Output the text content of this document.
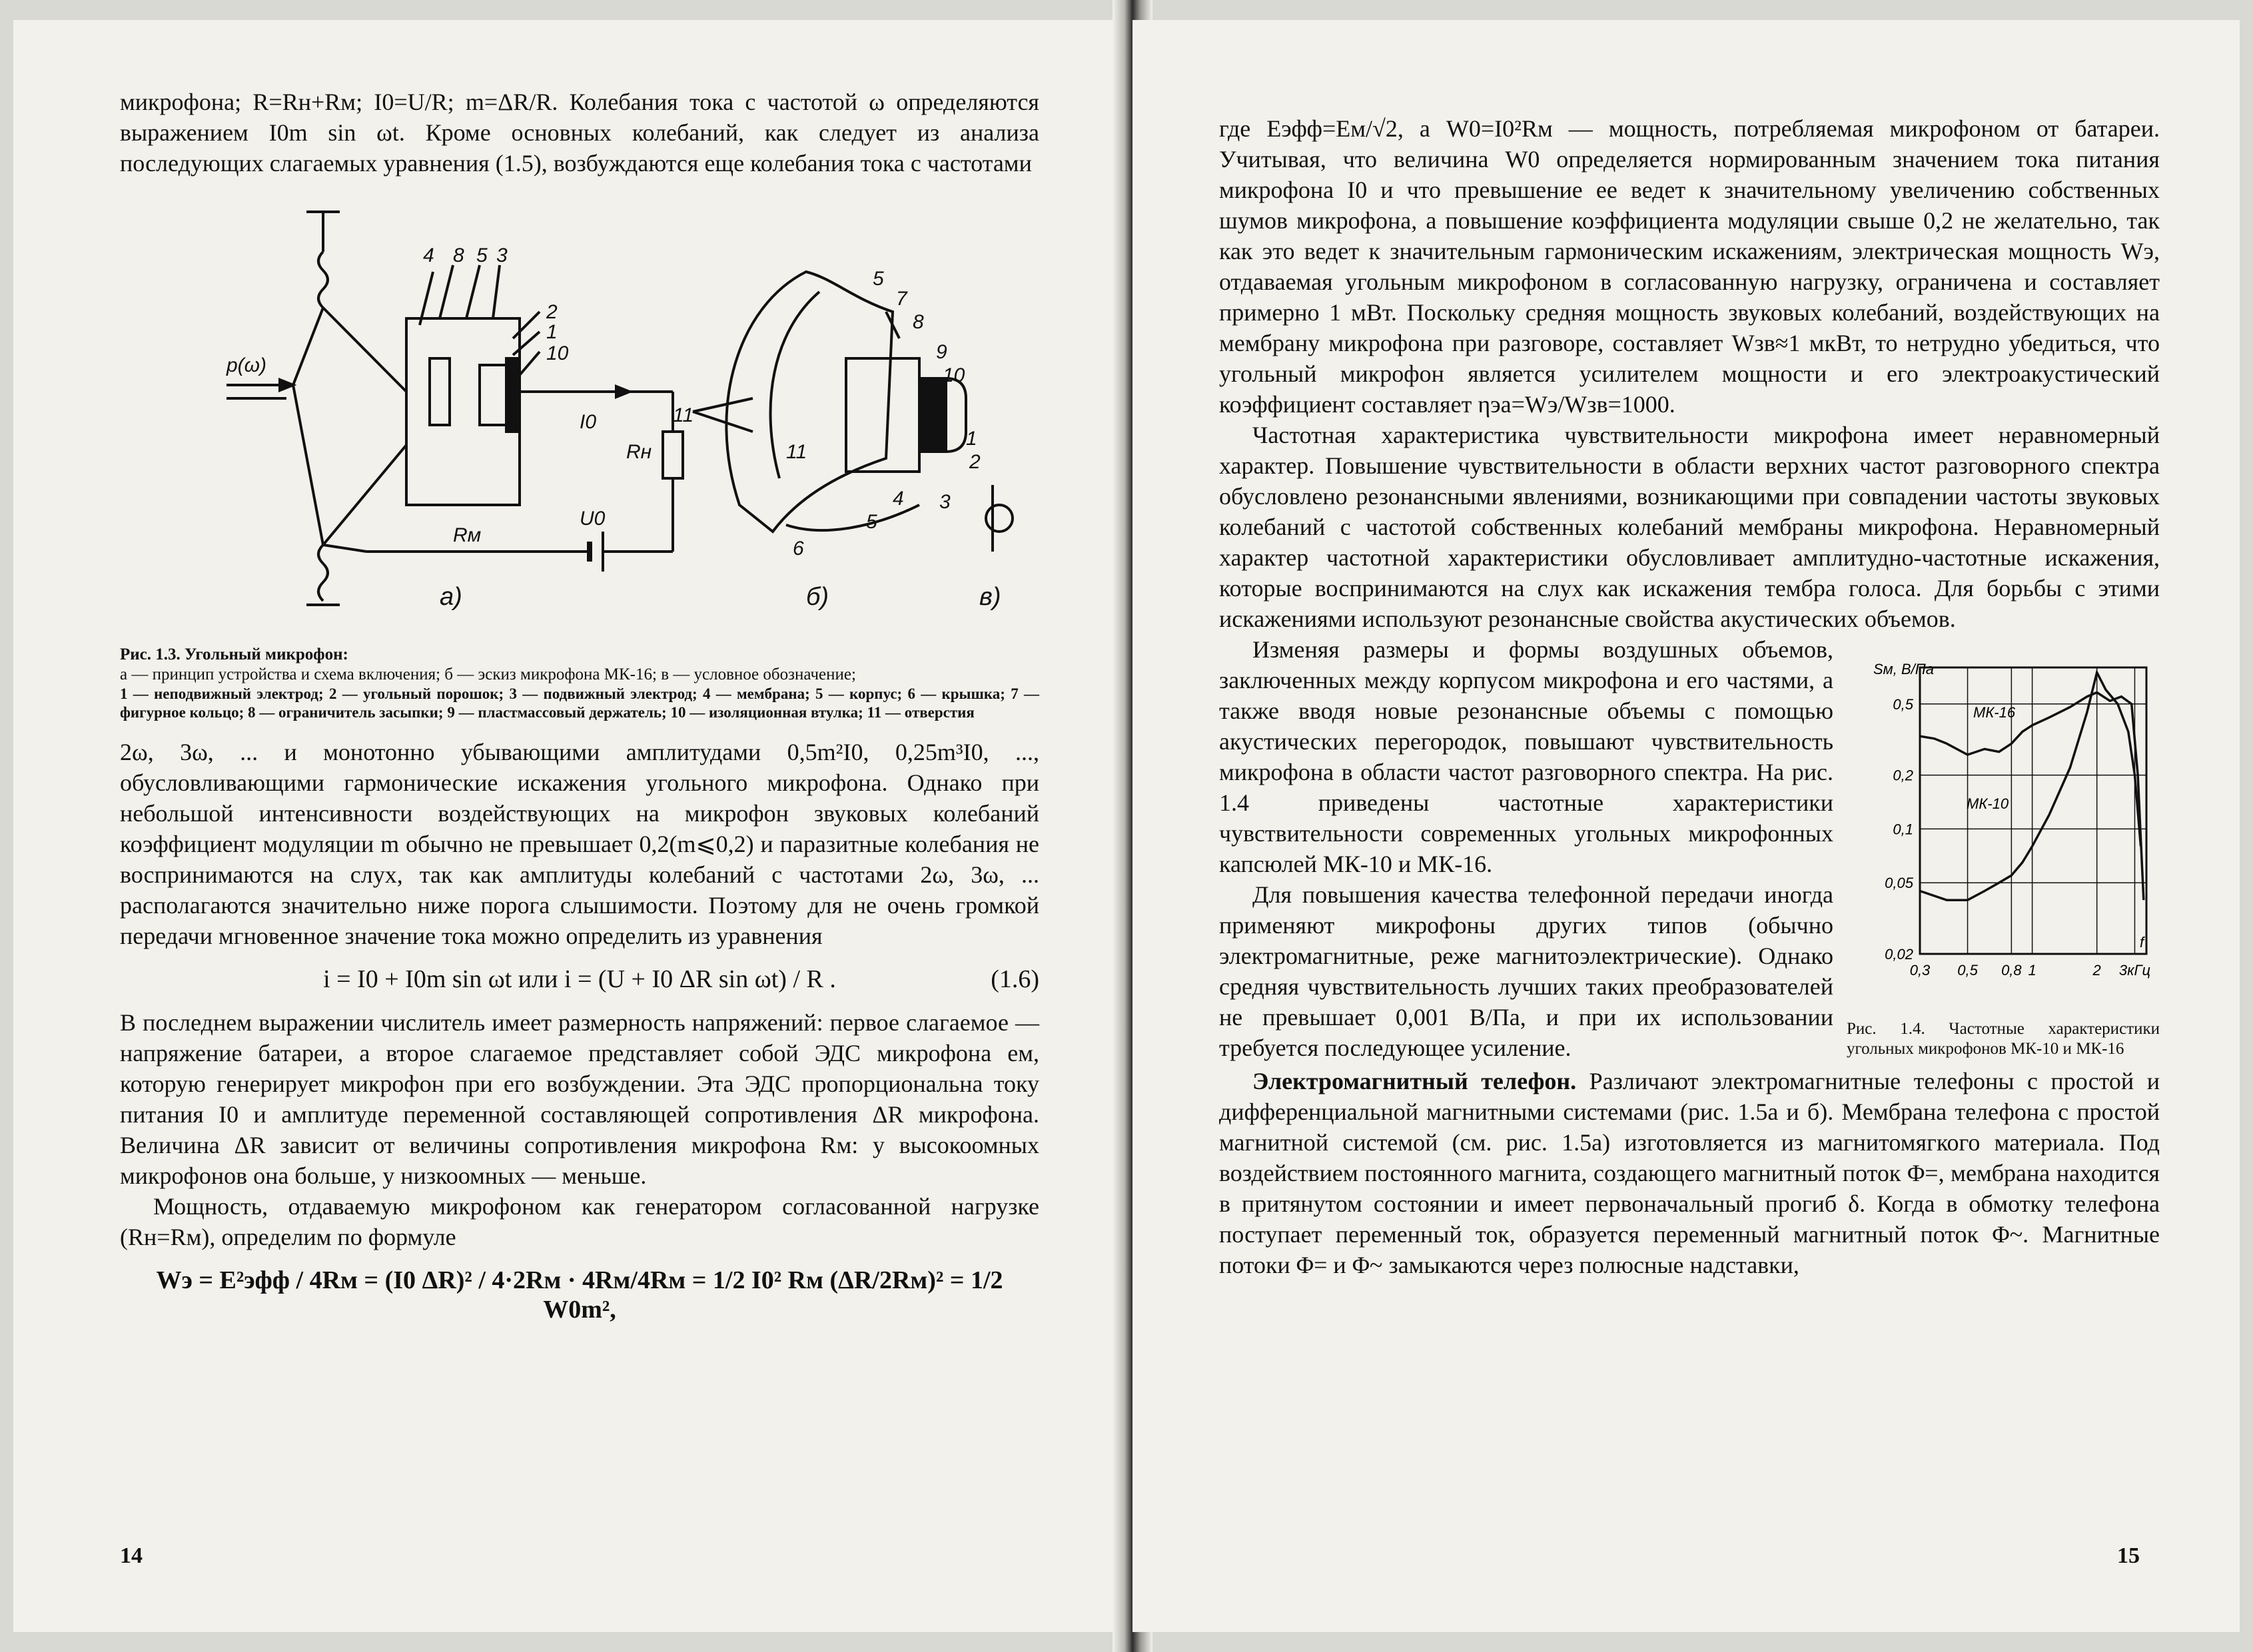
микрофона; R=Rн+Rм; I0=U/R; m=ΔR/R. Колебания тока с частотой ω определяются выражением I0m sin ωt. Кроме основных колебаний, как следует из анализа последующих слагаемых уравнения (1.5), возбуждаются еще колебания тока с частотами

p(ω)
I0
U0
Rн
Rм
4 8 5 3
2
1
10
5
7
8
9
10
1
2
3
4
5
6
11
11
а)	б)	в)
Рис. 1.3. Угольный микрофон:
а — принцип устройства и схема включения; б — эскиз микрофона МК-16; в — условное обозначение;
1 — неподвижный электрод; 2 — угольный порошок; 3 — подвижный электрод; 4 — мембрана; 5 — корпус; 6 — крышка; 7 — фигурное кольцо; 8 — ограничитель засыпки; 9 — пластмассовый держатель; 10 — изоляционная втулка; 11 — отверстия

2ω, 3ω, ... и монотонно убывающими амплитудами 0,5m²I0, 0,25m³I0, ..., обусловливающими гармонические искажения угольного микрофона. Однако при небольшой интенсивности воздействующих на микрофон звуковых колебаний коэффициент модуляции m обычно не превышает 0,2(m⩽0,2) и паразитные колебания не воспринимаются на слух, так как амплитуды колебаний с частотами 2ω, 3ω, ... располагаются значительно ниже порога слышимости. Поэтому для не очень громкой передачи мгновенное значение тока можно определить из уравнения

i = I0 + I0m sin ωt или i = (U + I0 ΔR sin ωt) / R .	(1.6)

В последнем выражении числитель имеет размерность напряжений: первое слагаемое — напряжение батареи, а второе слагаемое представляет собой ЭДС микрофона eм, которую генерирует микрофон при его возбуждении. Эта ЭДС пропорциональна току питания I0 и амплитуде переменной составляющей сопротивления ΔR микрофона. Величина ΔR зависит от величины сопротивления микрофона Rм: у высокоомных микрофонов она больше, у низкоомных — меньше.

Мощность, отдаваемую микрофоном как генератором согласованной нагрузке (Rн=Rм), определим по формуле

Wэ = E²эфф / 4Rм = (I0 ΔR)² / 4·2Rм · 4Rм/4Rм = 1/2 I0² Rм (ΔR/2Rм)² = 1/2 W0m²,
14

где Eэфф=Eм/√2, а W0=I0²Rм — мощность, потребляемая микрофоном от батареи. Учитывая, что величина W0 определяется нормированным значением тока питания микрофона I0 и что превышение ее ведет к значительному увеличению собственных шумов микрофона, а повышение коэффициента модуляции свыше 0,2 не желательно, так как это ведет к значительным гармоническим искажениям, электрическая мощность Wэ, отдаваемая угольным микрофоном в согласованную нагрузку, ограничена и составляет примерно 1 мВт. Поскольку средняя мощность звуковых колебаний, воздействующих на мембрану микрофона при разговоре, составляет Wзв≈1 мкВт, то нетрудно убедиться, что угольный микрофон является усилителем мощности и его электроакустический коэффициент составляет ηэа=Wэ/Wзв=1000.

Частотная характеристика чувствительности микрофона имеет неравномерный характер. Повышение чувствительности в области верхних частот разговорного спектра обусловлено резонансными явлениями, возникающими при совпадении частоты звуковых колебаний с частотой собственных колебаний мембраны микрофона. Неравномерный характер частотной характеристики обусловливает амплитудно-частотные искажения, которые воспринимаются на слух как искажения тембра голоса. Для борьбы с этими искажениями используют резонансные свойства акустических объемов.

0,3 0,5 0,8 1	2 3кГц
0,02
0,05
0,1
0,2
0,5
Sм, В/Па
f
МК-16
МК-10
Рис. 1.4. Частотные характеристики угольных микрофонов МК-10 и МК-16

Изменяя размеры и формы воздушных объемов, заключенных между корпусом микрофона и его частями, а также вводя новые резонансные объемы с помощью акустических перегородок, повышают чувствительность микрофона в области частот разговорного спектра. На рис. 1.4 приведены частотные характеристики чувствительности современных угольных микрофонных капсюлей МК-10 и МК-16.

Для повышения качества телефонной передачи иногда применяют микрофоны других типов (обычно электромагнитные, реже магнитоэлектрические). Однако средняя чувствительность лучших таких преобразователей не превышает 0,001 В/Па, и при их использовании требуется последующее усиление.

Электромагнитный телефон. Различают электромагнитные телефоны с простой и дифференциальной магнитными системами (рис. 1.5а и б). Мембрана телефона с простой магнитной системой (см. рис. 1.5а) изготовляется из магнитомягкого материала. Под воздействием постоянного магнита, создающего магнитный поток Φ=, мембрана находится в притянутом состоянии и имеет первоначальный прогиб δ. Когда в обмотку телефона поступает переменный ток, образуется переменный магнитный поток Φ~. Магнитные потоки Φ= и Φ~ замыкаются через полюсные надставки,

15
